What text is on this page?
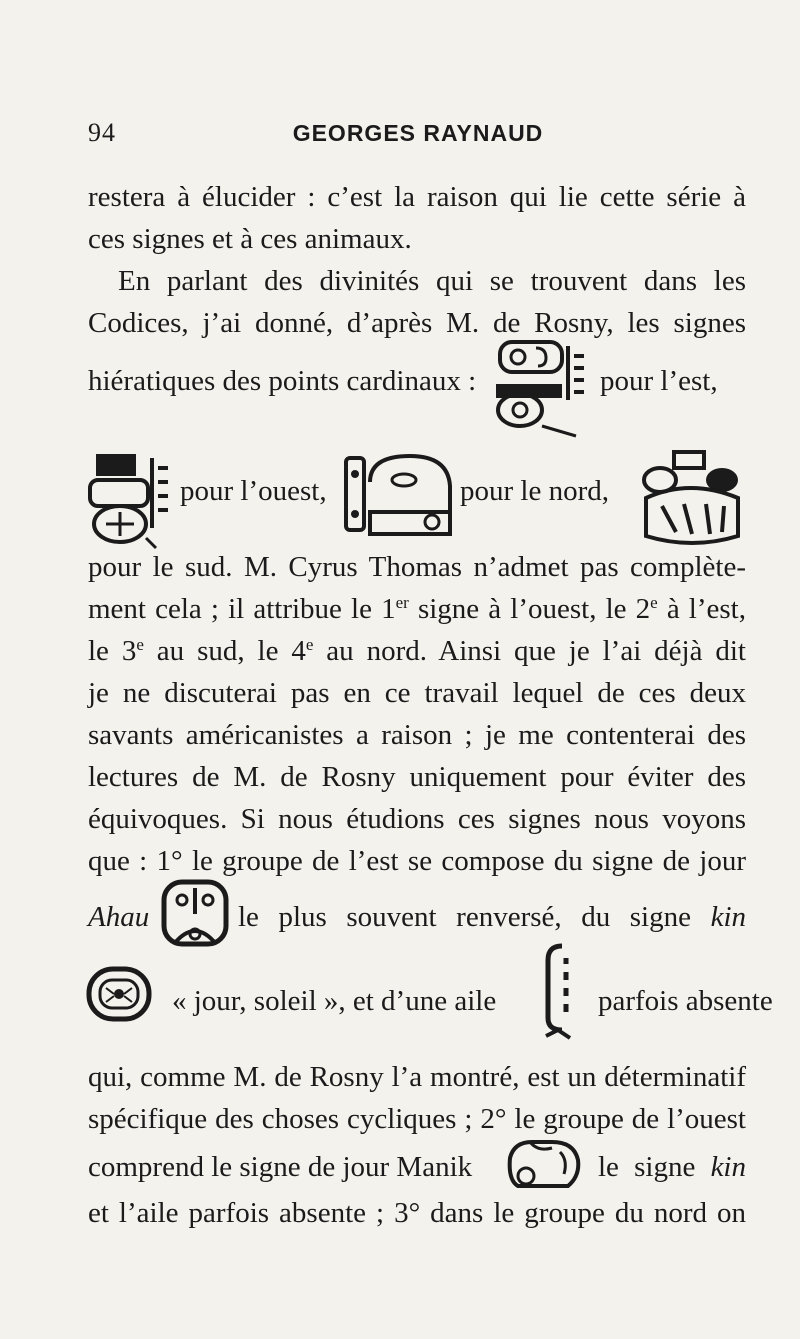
94	GEORGES RAYNAUD
restera à élucider : c’est la raison qui lie cette série à
ces signes et à ces animaux.
En parlant des divinités qui se trouvent dans les
Codices, j’ai donné, d’après M. de Rosny, les signes
hiératiques des points cardinaux :	pour l’est,
pour l’ouest,	pour le nord,
pour le sud. M. Cyrus Thomas n’admet pas complète-
ment cela ; il attribue le 1er signe à l’ouest, le 2e à l’est,
le 3e au sud, le 4e au nord. Ainsi que je l’ai déjà dit
je ne discuterai pas en ce travail lequel de ces deux
savants américanistes a raison ; je me contenterai des
lectures de M. de Rosny uniquement pour éviter des
équivoques. Si nous étudions ces signes nous voyons
que : 1° le groupe de l’est se compose du signe de jour
Ahau	le plus souvent renversé, du signe kin
« jour, soleil », et d’une aile	parfois absente
qui, comme M. de Rosny l’a montré, est un déterminatif
spécifique des choses cycliques ; 2° le groupe de l’ouest
comprend le signe de jour Manik	le signe kin
et l’aile parfois absente ; 3° dans le groupe du nord on
